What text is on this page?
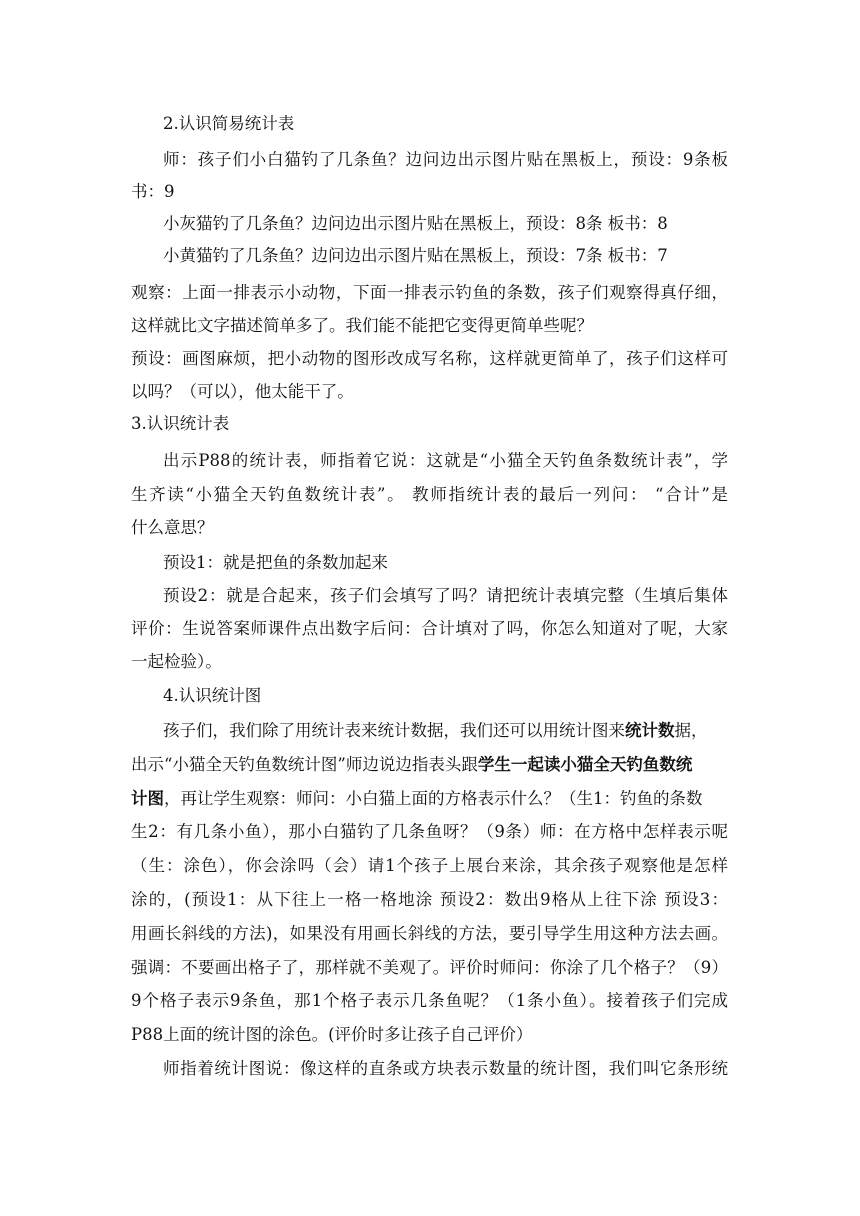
2.认识简易统计表
师：孩子们小白猫钓了几条鱼？边问边出示图片贴在黑板上，预设：9条板
书：9
小灰猫钓了几条鱼？边问边出示图片贴在黑板上，预设：8条 板书：8
小黄猫钓了几条鱼？边问边出示图片贴在黑板上，预设：7条 板书：7
观察：上面一排表示小动物，下面一排表示钓鱼的条数，孩子们观察得真仔细，
这样就比文字描述简单多了。我们能不能把它变得更简单些呢？
预设：画图麻烦，把小动物的图形改成写名称，这样就更简单了，孩子们这样可
以吗？（可以），他太能干了。
3.认识统计表
出示P88的统计表，师指着它说：这就是“小猫全天钓鱼条数统计表”，学
生齐读“小猫全天钓鱼数统计表”。 教师指统计表的最后一列问： “合计”是
什么意思？
预设1：就是把鱼的条数加起来
预设2：就是合起来，孩子们会填写了吗？请把统计表填完整（生填后集体
评价：生说答案师课件点出数字后问：合计填对了吗，你怎么知道对了呢，大家
一起检验）。
4.认识统计图
孩子们，我们除了用统计表来统计数据，我们还可以用统计图来统计数据，
出示“小猫全天钓鱼数统计图”师边说边指表头跟学生一起读小猫全天钓鱼数统
计图，再让学生观察：师问：小白猫上面的方格表示什么？（生1：钓鱼的条数
生2：有几条小鱼），那小白猫钓了几条鱼呀？（9条）师：在方格中怎样表示呢
（生：涂色），你会涂吗（会）请1个孩子上展台来涂，其余孩子观察他是怎样
涂的，(预设1：从下往上一格一格地涂 预设2：数出9格从上往下涂 预设3：
用画长斜线的方法)，如果没有用画长斜线的方法，要引导学生用这种方法去画。
强调：不要画出格子了，那样就不美观了。评价时师问：你涂了几个格子？（9）
9个格子表示9条鱼，那1个格子表示几条鱼呢？（1条小鱼）。接着孩子们完成
P88上面的统计图的涂色。(评价时多让孩子自己评价）
师指着统计图说：像这样的直条或方块表示数量的统计图，我们叫它条形统
